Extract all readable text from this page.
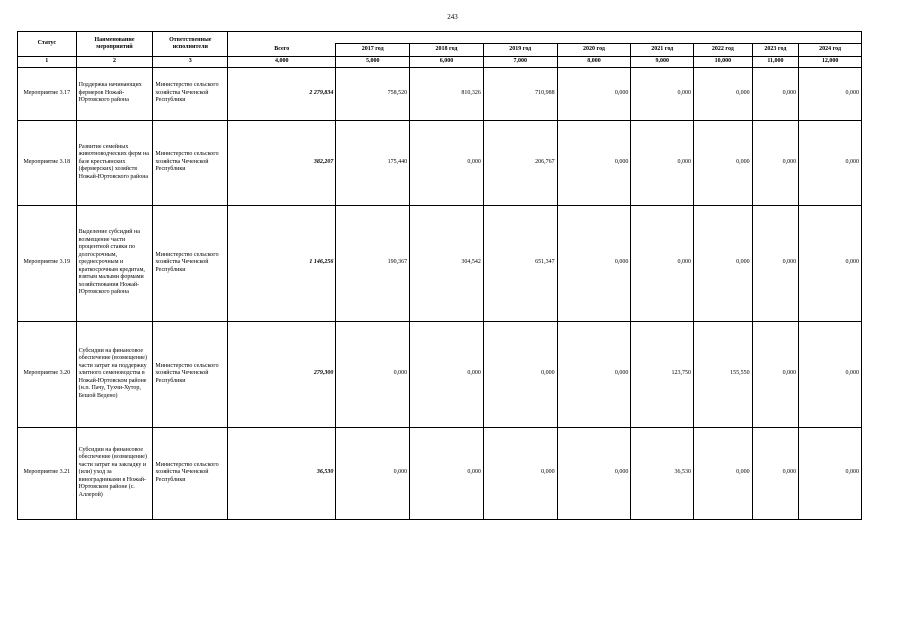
243
Статус	Наименование мероприятий	Ответственные исполнители									
			Всего	2017 год	2018 год	2019 год	2020 год	2021 год	2022 год	2023 год	2024 год
1	2	3	4,000	5,000	6,000	7,000	8,000	9,000	10,000	11,000	12,000
Мероприятие 3.17	Поддержка начинающих фермеров Ножай-Юртовского района	Министерство сельского хозяйства Чеченской Республики	2 279,834	758,520	810,326	710,988	0,000	0,000	0,000	0,000	0,000
Мероприятие 3.18	Развитие семейных животноводческих ферм на базе крестьянских (фермерских) хозяйств Ножай-Юртовского района	Министерство сельского хозяйства Чеченской Республики	382,207	175,440	0,000	206,767	0,000	0,000	0,000	0,000	0,000
Мероприятие 3.19	Выделение субсидий на возмещение части процентной ставки по долгосрочным, среднесрочным и краткосрочным кредитам, взятым малыми формами хозяйствования Ножай-Юртовского района	Министерство сельского хозяйства Чеченской Республики	1 146,256	190,367	304,542	651,347	0,000	0,000	0,000	0,000	0,000
Мероприятие 3.20	Субсидии на финансовое обеспечение (возмещение) части затрат на поддержку элитного семеноводства в Ножай-Юртовском районе (н.п. Пачу, Тухчи-Хутор, Бешой Ведено)	Министерство сельского хозяйства Чеченской Республики	279,300	0,000	0,000	0,000	0,000	123,750	155,550	0,000	0,000
Мероприятие 3.21	Субсидии на финансовое обеспечение (возмещение) части затрат на закладку и (или) уход за виноградниками в Ножай-Юртовском районе (с. Аллерой)	Министерство сельского хозяйства Чеченской Республики	36,530	0,000	0,000	0,000	0,000	36,530	0,000	0,000	0,000
